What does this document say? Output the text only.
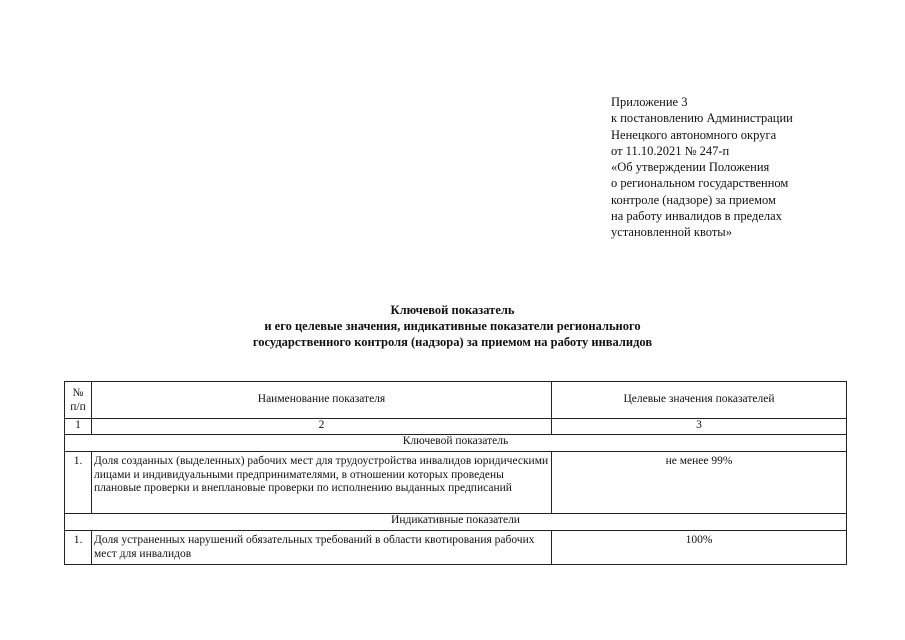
Приложение 3
к постановлению Администрации
Ненецкого автономного округа
от 11.10.2021 № 247-п
«Об утверждении Положения
о региональном государственном
контроле (надзоре) за приемом
на работу инвалидов в пределах
установленной квоты»
Ключевой показатель
и его целевые значения, индикативные показатели регионального
государственного контроля (надзора) за приемом на работу инвалидов
№
п/п	Наименование показателя	Целевые значения показателей
1	2	3
Ключевой показатель		
1.	Доля созданных (выделенных) рабочих мест для трудоустройства инвалидов юридическими лицами и индивидуальными предпринимателями, в отношении которых проведены плановые проверки и внеплановые проверки по исполнению выданных предписаний	не менее 99%
Индикативные показатели		
1.	Доля устраненных нарушений обязательных требований в области квотирования рабочих мест для инвалидов	100%
